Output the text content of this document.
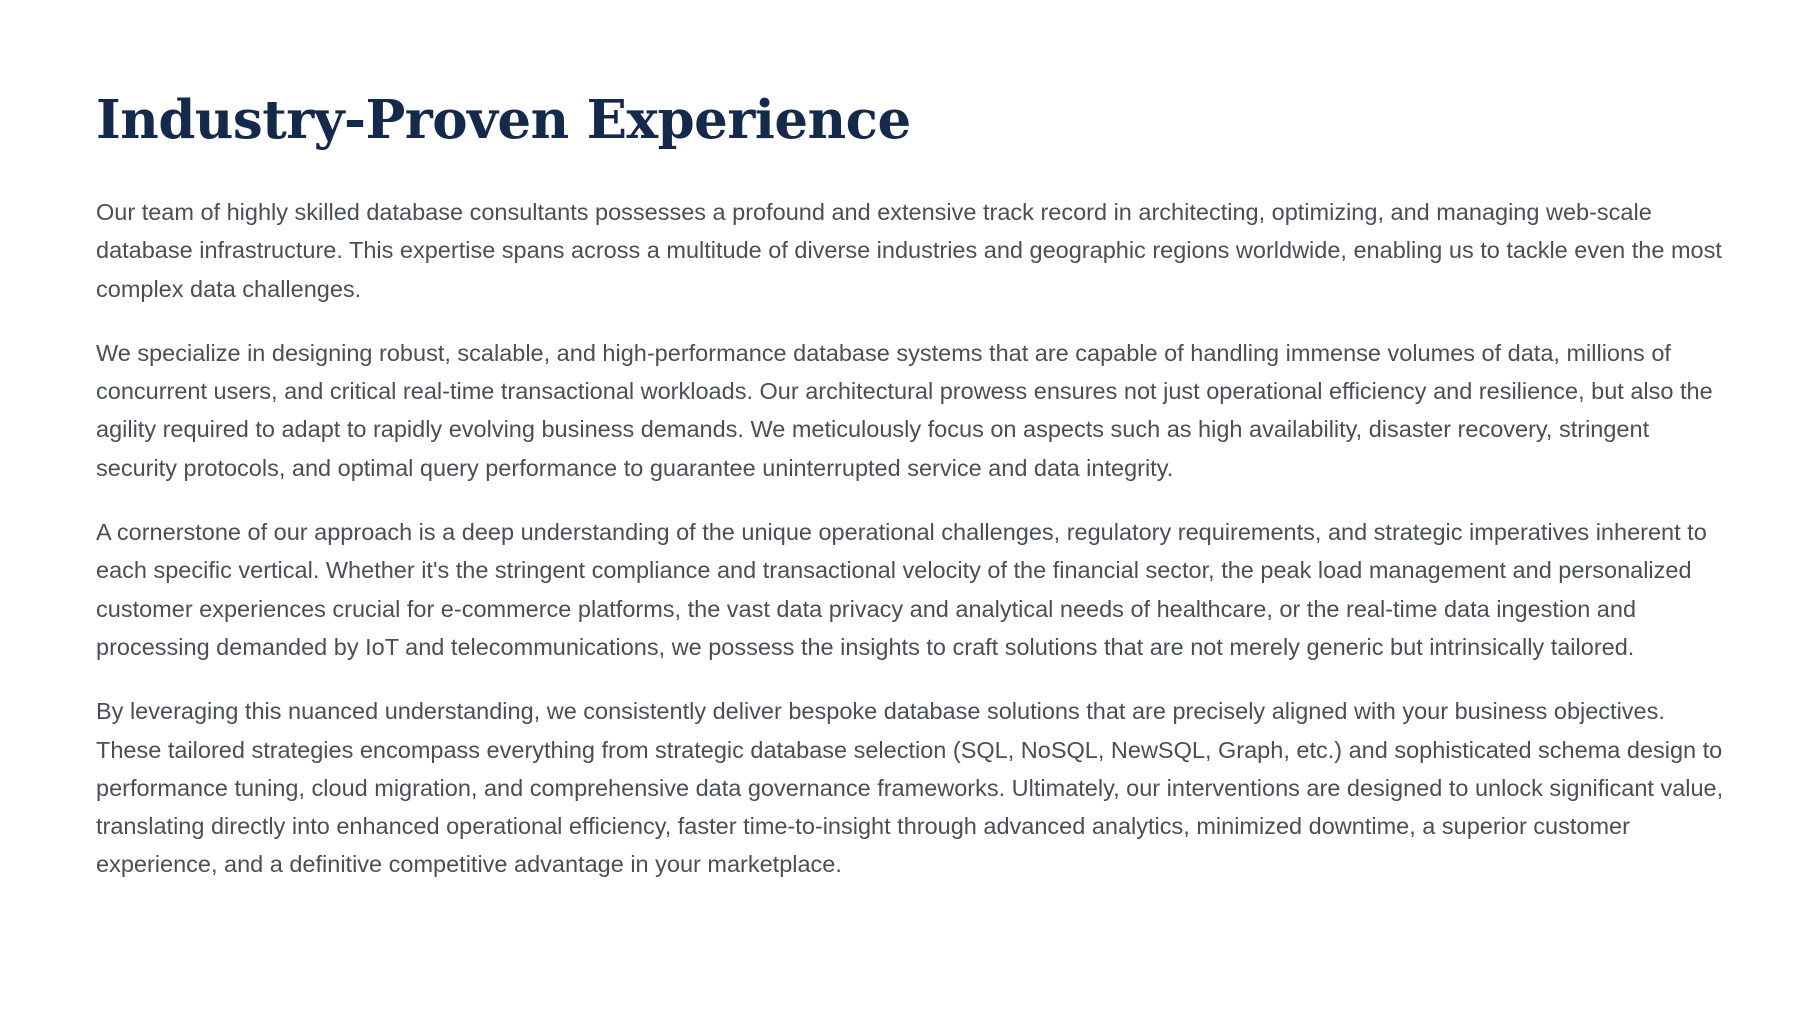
Industry-Proven Experience

Our team of highly skilled database consultants possesses a profound and extensive track record in architecting, optimizing, and managing web-scale database infrastructure. This expertise spans across a multitude of diverse industries and geographic regions worldwide, enabling us to tackle even the most complex data challenges.

We specialize in designing robust, scalable, and high-performance database systems that are capable of handling immense volumes of data, millions of concurrent users, and critical real-time transactional workloads. Our architectural prowess ensures not just operational efficiency and resilience, but also the agility required to adapt to rapidly evolving business demands. We meticulously focus on aspects such as high availability, disaster recovery, stringent security protocols, and optimal query performance to guarantee uninterrupted service and data integrity.

A cornerstone of our approach is a deep understanding of the unique operational challenges, regulatory requirements, and strategic imperatives inherent to each specific vertical. Whether it's the stringent compliance and transactional velocity of the financial sector, the peak load management and personalized customer experiences crucial for e-commerce platforms, the vast data privacy and analytical needs of healthcare, or the real-time data ingestion and processing demanded by IoT and telecommunications, we possess the insights to craft solutions that are not merely generic but intrinsically tailored.

By leveraging this nuanced understanding, we consistently deliver bespoke database solutions that are precisely aligned with your business objectives. These tailored strategies encompass everything from strategic database selection (SQL, NoSQL, NewSQL, Graph, etc.) and sophisticated schema design to performance tuning, cloud migration, and comprehensive data governance frameworks. Ultimately, our interventions are designed to unlock significant value, translating directly into enhanced operational efficiency, faster time-to-insight through advanced analytics, minimized downtime, a superior customer experience, and a definitive competitive advantage in your marketplace.
